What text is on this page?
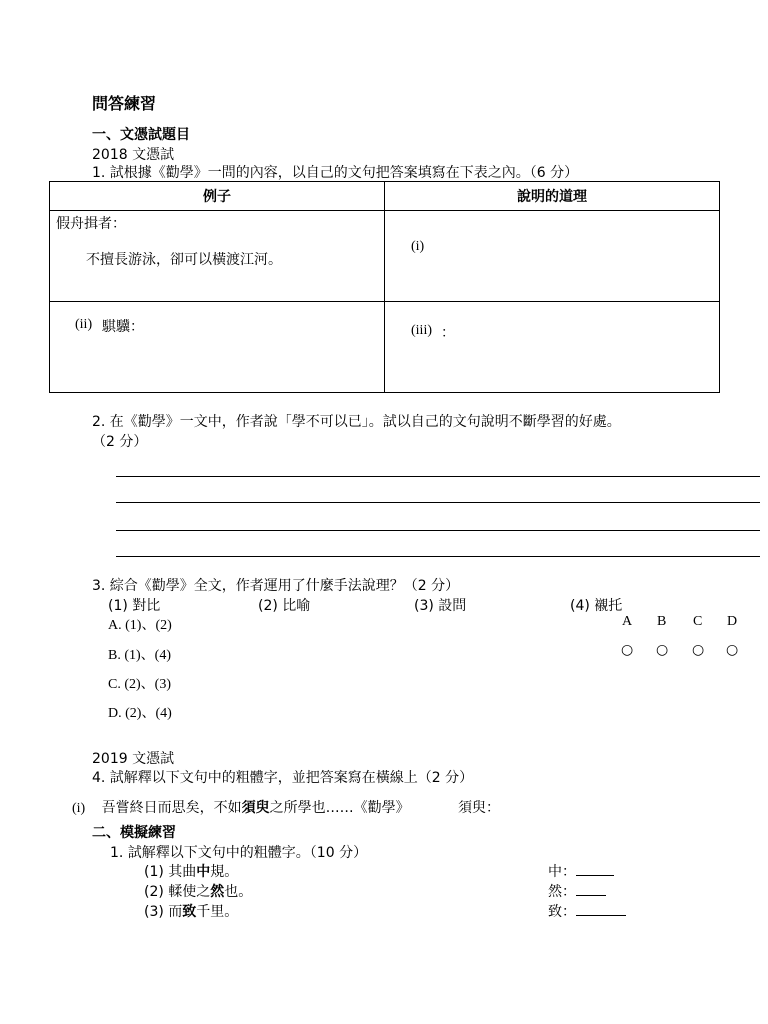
問答練習
一、文憑試題目
2018 文憑試
1. 試根據《勸學》一問的內容，以自己的文句把答案填寫在下表之內。（6 分）
例子	說明的道理

假舟揖者：
不擅長游泳，卻可以橫渡江河。	(i)

(ii) 騏驥：	(iii) ：
2. 在《勸學》一文中，作者說「學不可以已」。試以自己的文句說明不斷學習的好處。
（2 分）
3. 綜合《勸學》全文，作者運用了什麼手法說理？（2 分）
(1) 對比	(2) 比喻	(3) 設問	(4) 襯托
A. (1)、(2)
B. (1)、(4)
C. (2)、(3)
D. (2)、(4)
A B C D
○ ○ ○ ○
2019 文憑試
4. 試解釋以下文句中的粗體字，並把答案寫在橫線上（2 分）
(i) 吾嘗終日而思矣，不如須臾之所學也……《勸學》	須臾：
二、模擬練習
1. 試解釋以下文句中的粗體字。（10 分）
(1) 其曲中規。	中：
(2) 輮使之然也。	然：
(3) 而致千里。	致：
